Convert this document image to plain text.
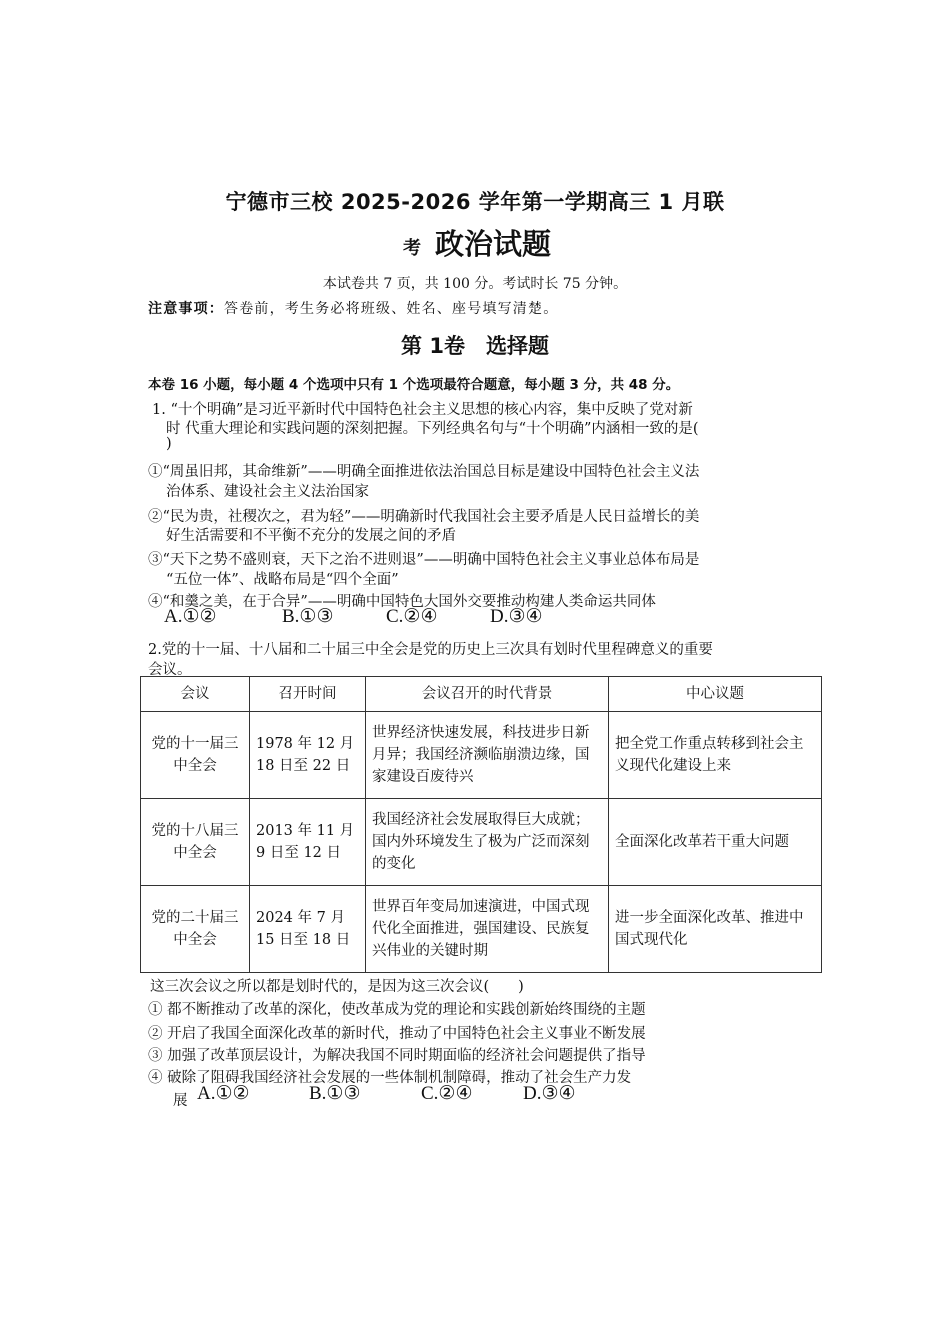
宁德市三校 2025-2026 学年第一学期高三 1 月联
考 政治试题
本试卷共 7 页，共 100 分。考试时长 75 分钟。
注意事项：答卷前，考生务必将班级、姓名、座号填写清楚。
第 1卷　选择题
本卷 16 小题，每小题 4 个选项中只有 1 个选项最符合题意，每小题 3 分，共 48 分。
1. “十个明确”是习近平新时代中国特色社会主义思想的核心内容，集中反映了党对新
时 代重大理论和实践问题的深刻把握。下列经典名句与“十个明确”内涵相一致的是(
)
①“周虽旧邦，其命维新”——明确全面推进依法治国总目标是建设中国特色社会主义法
治体系、建设社会主义法治国家
②“民为贵，社稷次之，君为轻”——明确新时代我国社会主要矛盾是人民日益增长的美
好生活需要和不平衡不充分的发展之间的矛盾
③“天下之势不盛则衰，天下之治不进则退”——明确中国特色社会主义事业总体布局是
“五位一体”、战略布局是“四个全面”
④“和羹之美，在于合异”——明确中国特色大国外交要推动构建人类命运共同体
A.①②	B.①③	C.②④	D.③④
2.党的十一届、十八届和二十届三中全会是党的历史上三次具有划时代里程碑意义的重要
会议。
会议	召开时间	会议召开的时代背景	中心议题
党的十一届三中全会	1978 年 12 月 18 日至 22 日	世界经济快速发展，科技进步日新月异；我国经济濒临崩溃边缘，国家建设百废待兴	把全党工作重点转移到社会主义现代化建设上来
党的十八届三中全会	2013 年 11 月 9 日至 12 日	我国经济社会发展取得巨大成就；国内外环境发生了极为广泛而深刻的变化	全面深化改革若干重大问题
党的二十届三中全会	2024 年 7 月 15 日至 18 日	世界百年变局加速演进，中国式现代化全面推进，强国建设、民族复兴伟业的关键时期	进一步全面深化改革、推进中国式现代化
这三次会议之所以都是划时代的，是因为这三次会议(　　)
① 都不断推动了改革的深化，使改革成为党的理论和实践创新始终围绕的主题
② 开启了我国全面深化改革的新时代，推动了中国特色社会主义事业不断发展
③ 加强了改革顶层设计，为解决我国不同时期面临的经济社会问题提供了指导
④ 破除了阻碍我国经济社会发展的一些体制机制障碍，推动了社会生产力发
展 A.①②	B.①③	C.②④	D.③④
